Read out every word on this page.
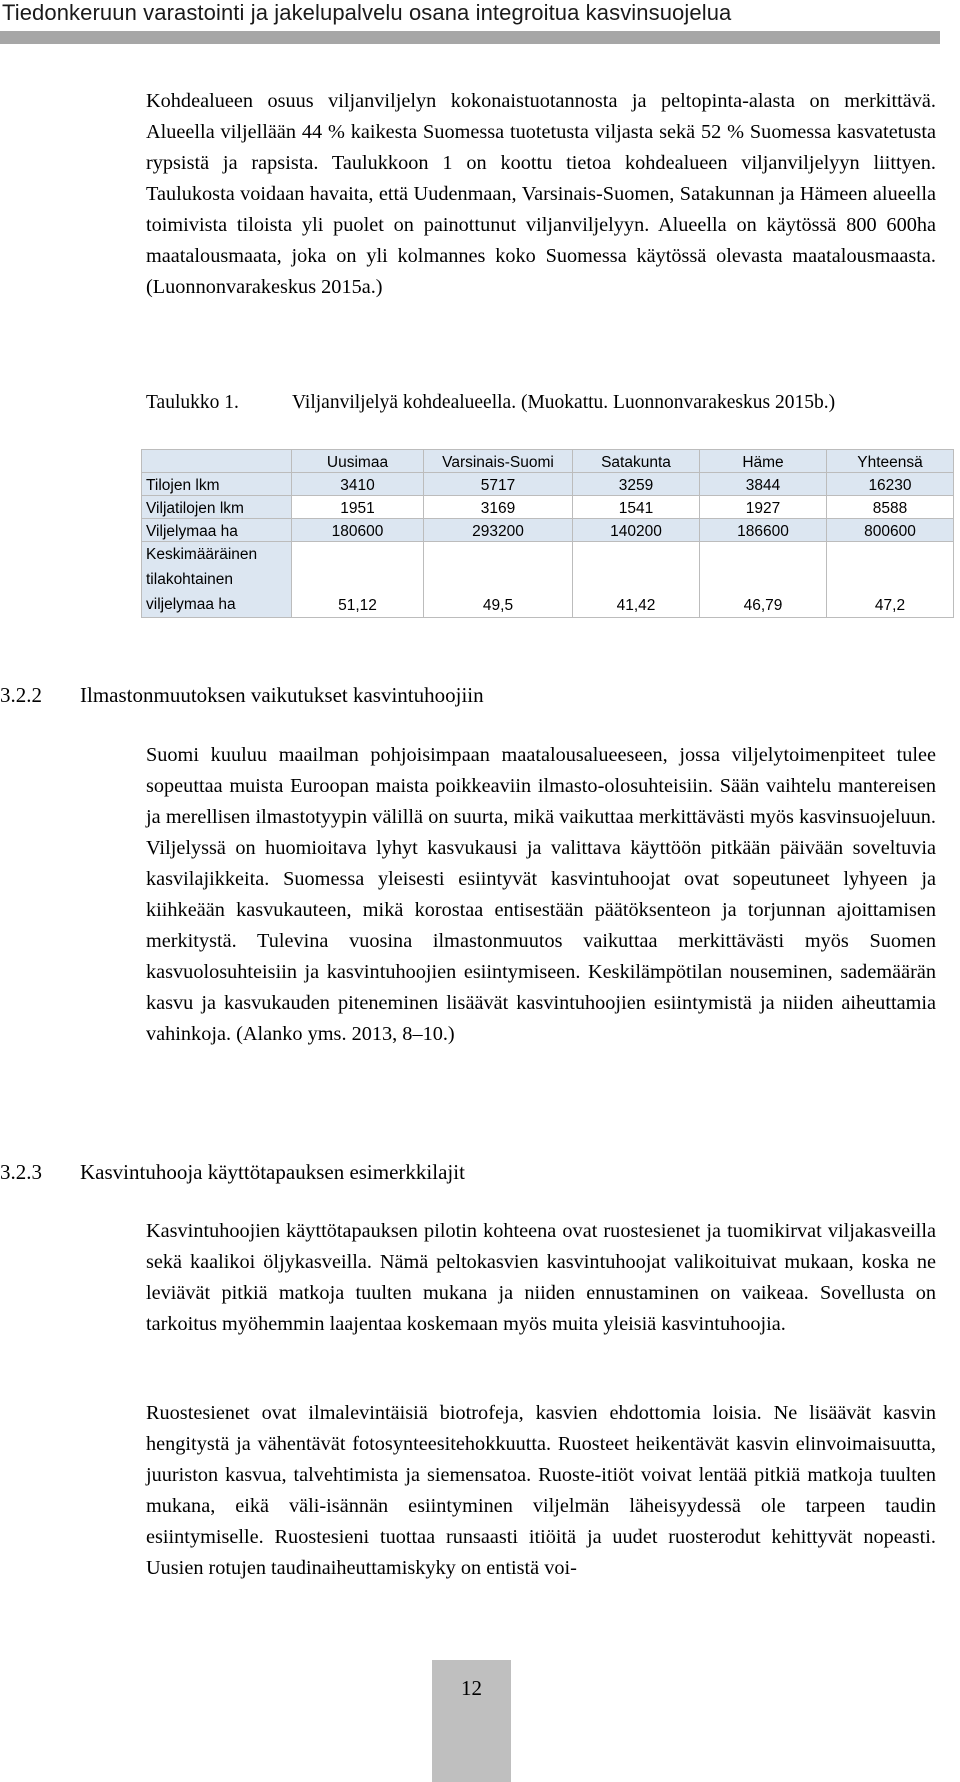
Tiedonkeruun varastointi ja jakelupalvelu osana integroitua kasvinsuojelua

Kohdealueen osuus viljanviljelyn kokonaistuotannosta ja peltopinta-alasta on merkittävä. Alueella viljellään 44 % kaikesta Suomessa tuotetusta viljasta sekä 52 % Suomessa kasvatetusta rypsistä ja rapsista. Taulukkoon 1 on koottu tietoa kohdealueen viljanviljelyyn liittyen. Taulukosta voidaan havaita, että Uudenmaan, Varsinais-Suomen, Satakunnan ja Hämeen alueella toimivista tiloista yli puolet on painottunut viljanviljelyyn. Alueella on käytössä 800 600ha maatalousmaata, joka on yli kolmannes koko Suomessa käytössä olevasta maatalousmaasta. (Luonnonvarakeskus 2015a.)

Taulukko 1.	Viljanviljelyä kohdealueella. (Muokattu. Luonnonvarakeskus 2015b.)
	Uusimaa	Varsinais-Suomi	Satakunta	Häme	Yhteensä
Tilojen lkm	3410	5717	3259	3844	16230
Viljatilojen lkm	1951	3169	1541	1927	8588
Viljelymaa ha	180600	293200	140200	186600	800600

Keskimääräinen
tilakohtainen
viljelymaa ha	51,12	49,5	41,42	46,79	47,2
3.2.2 Ilmastonmuutoksen vaikutukset kasvintuhoojiin

Suomi kuuluu maailman pohjoisimpaan maatalousalueeseen, jossa viljelytoimenpiteet tulee sopeuttaa muista Euroopan maista poikkeaviin ilmasto-olosuhteisiin. Sään vaihtelu mantereisen ja merellisen ilmastotyypin välillä on suurta, mikä vaikuttaa merkittävästi myös kasvinsuojeluun. Viljelyssä on huomioitava lyhyt kasvukausi ja valittava käyttöön pitkään päivään soveltuvia kasvilajikkeita. Suomessa yleisesti esiintyvät kasvintuhoojat ovat sopeutuneet lyhyeen ja kiihkeään kasvukauteen, mikä korostaa entisestään päätöksenteon ja torjunnan ajoittamisen merkitystä. Tulevina vuosina ilmastonmuutos vaikuttaa merkittävästi myös Suomen kasvuolosuhteisiin ja kasvintuhoojien esiintymiseen. Keskilämpötilan nouseminen, sademäärän kasvu ja kasvukauden piteneminen lisäävät kasvintuhoojien esiintymistä ja niiden aiheuttamia vahinkoja. (Alanko yms. 2013, 8–10.)

3.2.3 Kasvintuhooja käyttötapauksen esimerkkilajit

Kasvintuhoojien käyttötapauksen pilotin kohteena ovat ruostesienet ja tuomikirvat viljakasveilla sekä kaalikoi öljykasveilla. Nämä peltokasvien kasvintuhoojat valikoituivat mukaan, koska ne leviävät pitkiä matkoja tuulten mukana ja niiden ennustaminen on vaikeaa. Sovellusta on tarkoitus myöhemmin laajentaa koskemaan myös muita yleisiä kasvintuhoojia.

Ruostesienet ovat ilmalevintäisiä biotrofeja, kasvien ehdottomia loisia. Ne lisäävät kasvin hengitystä ja vähentävät fotosynteesitehokkuutta. Ruosteet heikentävät kasvin elinvoimaisuutta, juuriston kasvua, talvehtimista ja siemensatoa. Ruoste-itiöt voivat lentää pitkiä matkoja tuulten mukana, eikä väli-isännän esiintyminen viljelmän läheisyydessä ole tarpeen taudin esiintymiselle. Ruostesieni tuottaa runsaasti itiöitä ja uudet ruosterodut kehittyvät nopeasti. Uusien rotujen taudinaiheuttamiskyky on entistä voi-

12
